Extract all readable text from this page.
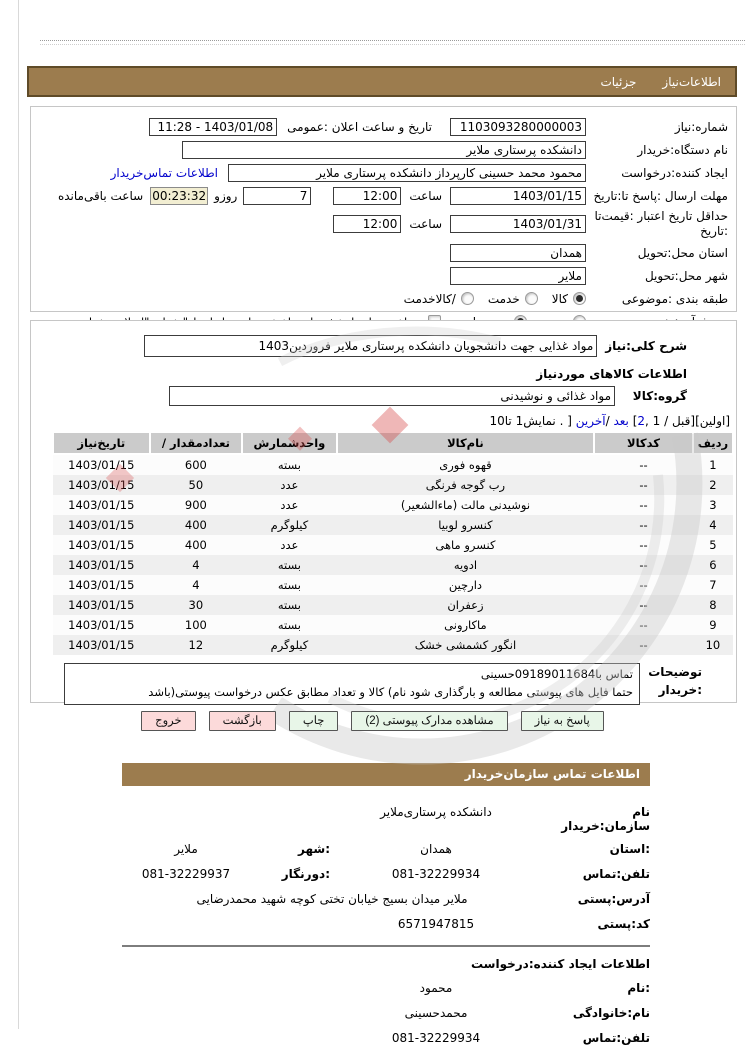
اطلاعات‌نیاز
جزئیات
شماره:نیاز
1103093280000003
تاریخ و ساعت اعلان :عمومی
11:28 - 1403/01/08
نام دستگاه:خریدار
دانشکده پرستاری ملایر
ایجاد کننده:درخواست
محمود محمد حسینی کارپرداز دانشکده پرستاری ملایر
اطلاعات تماس‌خریدار
مهلت ارسال :پاسخ تا:تاریخ
1403/01/15
ساعت
12:00
7
روزو
00:23:32
ساعت باقی‌مانده
حداقل تاریخ اعتبار :قیمت‌تا
:تاریخ
1403/01/31
ساعت
12:00
استان محل:تحویل
همدان
شهر محل:تحویل
ملایر
طبقه بندی :موضوعی
کالا
خدمت
/کالاخدمت
شرح کلی:نیاز
مواد غذایی جهت دانشجویان دانشکده پرستاری ملایر فروردین1403
اطلاعات کالاهای موردنیاز
گروه:کالا
مواد غذائی و نوشیدنی
[اولین][قبل / 1 ,2] بعد /آخرین [ . نمایش1 تا10
ردیف	کدکالا	نام‌کالا	واحدشمارش	تعدادمقدار /	تاریخ‌نیاز
1	--	قهوه فوری	بسته	600	1403/01/15
2	--	رب گوجه فرنگی	عدد	50	1403/01/15
3	--	نوشیدنی مالت (ماءالشعیر)	عدد	900	1403/01/15
4	--	کنسرو لوبیا	کیلوگرم	400	1403/01/15
5	--	کنسرو ماهی	عدد	400	1403/01/15
6	--	ادویه	بسته	4	1403/01/15
7	--	دارچین	بسته	4	1403/01/15
8	--	زعفران	بسته	30	1403/01/15
9	--	ماکارونی	بسته	100	1403/01/15
10	--	انگور کشمشی خشک	کیلوگرم	12	1403/01/15
توضیحات
:خریدار
تماس با09189011684حسینی
حتما فایل های پیوستی مطالعه و بارگذاری شود نام) کالا و تعداد مطابق عکس درخواست پیوستی(باشد
پاسخ به نیاز
مشاهده مدارک پیوستی (2)
چاپ
بازگشت
خروج
اطلاعات تماس سازمان‌خریدار
نام سازمان:خریدار
دانشکده پرستاری‌ملایر
:استان
همدان
:شهر
ملایر
تلفن:تماس
081-32229934
:دورنگار
081-32229937
آدرس:پستی
ملایر میدان بسیج خیابان تختی کوچه شهید محمدرضایی
کد:پستی
6571947815
اطلاعات ایجاد کننده:درخواست
:نام
محمود
نام:خانوادگی
محمدحسینی
تلفن:تماس
081-32229934
